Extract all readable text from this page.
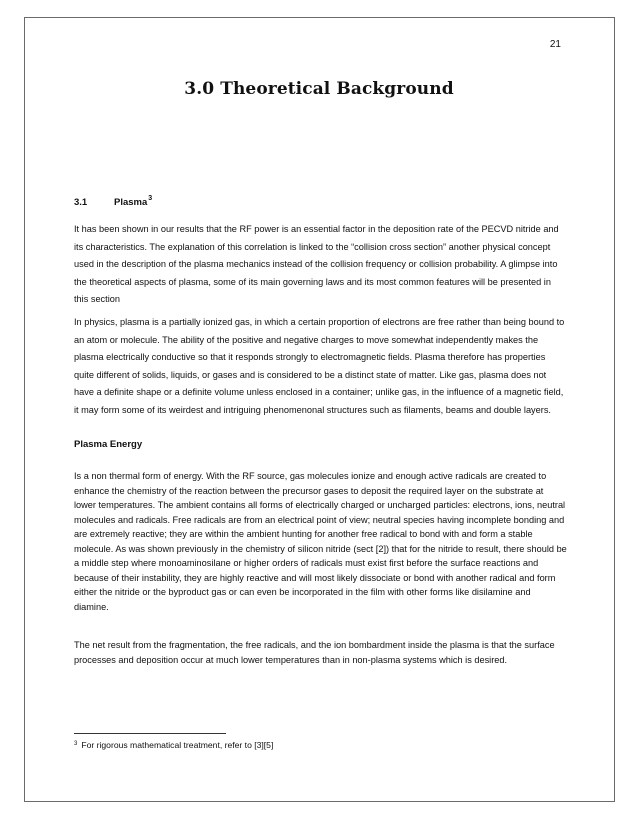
21
3.0 Theoretical Background
3.1	Plasma$^3$

It has been shown in our results that the RF power is an essential factor in the deposition rate of the PECVD nitride and its characteristics. The explanation of this correlation is linked to the “collision cross section” another physical concept used in the description of the plasma mechanics instead of the collision frequency or collision probability. A glimpse into the theoretical aspects of plasma, some of its main governing laws and its most common features will be presented in this section

In physics, plasma is a partially ionized gas, in which a certain proportion of electrons are free rather than being bound to an atom or molecule. The ability of the positive and negative charges to move somewhat independently makes the plasma electrically conductive so that it responds strongly to electromagnetic fields. Plasma therefore has properties quite different of solids, liquids, or gases and is considered to be a distinct state of matter. Like gas, plasma does not have a definite shape or a definite volume unless enclosed in a container; unlike gas, in the influence of a magnetic field, it may form some of its weirdest and intriguing phenomenonal structures such as filaments, beams and double layers.

Plasma Energy

Is a non thermal form of energy. With the RF source, gas molecules ionize and enough active radicals are created to enhance the chemistry of the reaction between the precursor gases to deposit the required layer on the substrate at lower temperatures. The ambient contains all forms of electrically charged or uncharged particles: electrons, ions, neutral molecules and radicals. Free radicals are from an electrical point of view; neutral species having incomplete bonding and are extremely reactive; they are within the ambient hunting for another free radical to bond with and form a stable molecule. As was shown previously in the chemistry of silicon nitride (sect [2]) that for the nitride to result, there should be a middle step where monoaminosilane or higher orders of radicals must exist first before the surface reactions and because of their instability, they are highly reactive and will most likely dissociate or bond with another radical and form either the nitride or the byproduct gas or can even be incorporated in the film with other forms like disilamine and diamine.

The net result from the fragmentation, the free radicals, and the ion bombardment inside the plasma is that the surface processes and deposition occur at much lower temperatures than in non-plasma systems which is desired.

$^3$ For rigorous mathematical treatment, refer to [3][5]
